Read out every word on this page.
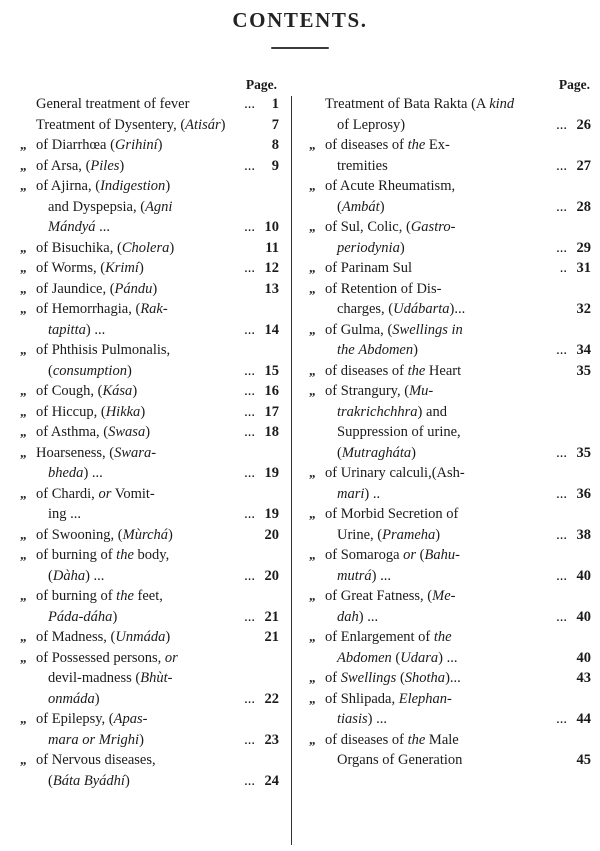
CONTENTS.
Page.
	General treatment of fever ...	1
	Treatment of Dysentery, (Atisár)	7
„	of Diarrhœa (Grihiní)	8
„	of Arsa, (Piles) ...	9
„	of Ajirna, (Indigestion)	
	and Dyspepsia, (Agni	
	Mándyá ... ...	10
„	of Bisuchika, (Cholera)	11
„	of Worms, (Krimí) ...	12
„	of Jaundice, (Pándu)	13
„	of Hemorrhagia, (Rak-	
	tapitta) ... ...	14
„	of Phthisis Pulmonalis,	
	(consumption) ...	15
„	of Cough, (Kása) ...	16
„	of Hiccup, (Hikka) ...	17
„	of Asthma, (Swasa) ...	18
„	Hoarseness, (Swara-	
	bheda) ... ...	19
„	of Chardi, or Vomit-	
	ing ... ...	19
„	of Swooning, (Mùrchá)	20
„	of burning of the body,	
	(Dàha) ... ...	20
„	of burning of the feet,	
	Páda-dáha) ...	21
„	of Madness, (Unmáda)	21
„	of Possessed persons, or	
	devil-madness (Bhùt-	
	onmáda) ...	22
„	of Epilepsy, (Apas-	
	mara or Mrighi) ...	23
„	of Nervous diseases,	
	(Báta Byádhí) ...	24
Page.
	Treatment of Bata Rakta (A kind	
	of Leprosy) ...	26
„	of diseases of the Ex-	
	tremities ...	27
„	of Acute Rheumatism,	
	(Ambát) ...	28
„	of Sul, Colic, (Gastro-	
	periodynia) ...	29
„	of Parinam Sul ..	31
„	of Retention of Dis-	
	charges, (Udábarta)...	32
„	of Gulma, (Swellings in	
	the Abdomen) ...	34
„	of diseases of the Heart	35
„	of Strangury, (Mu-	
	trakrichchhra) and	
	Suppression of urine,	
	(Mutragháta) ...	35
„	of Urinary calculi,(Ash-	
	mari) .. ...	36
„	of Morbid Secretion of	
	Urine, (Prameha) ...	38
„	of Somaroga or (Bahu-	
	mutrá) ... ...	40
„	of Great Fatness, (Me-	
	dah) ... ...	40
„	of Enlargement of the	
	Abdomen (Udara) ...	40
„	of Swellings (Shotha)...	43
„	of Shlipada, Elephan-	
	tiasis) ... ...	44
„	of diseases of the Male	
	Organs of Generation	45
